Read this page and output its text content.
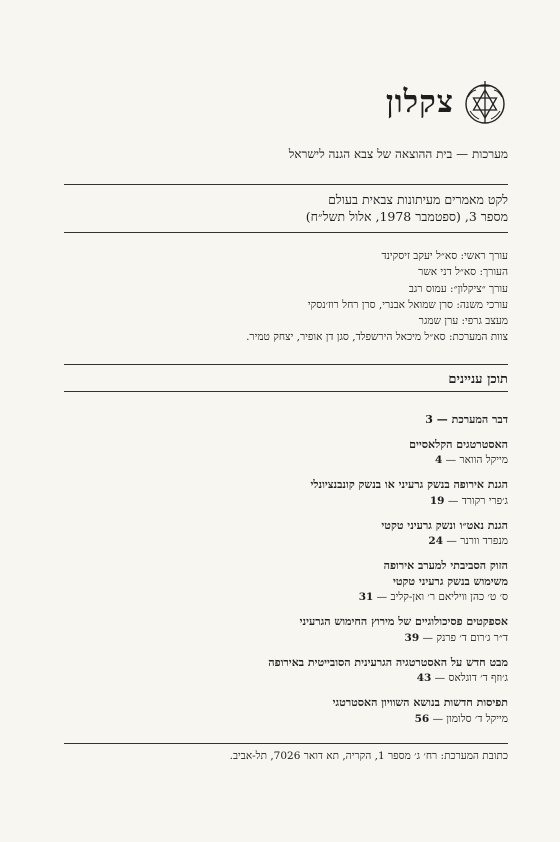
צקלון
מערכות — בית ההוצאה של צבא הגנה לישראל
לקט מאמרים מעיתונות צבאית בעולם
מספר 3, (ספטמבר 1978, אלול תשל״ח)
עורך ראשי: סא״ל יעקב זיסקינד
העורך: סא״ל דני אשר
עורך ״ציקלון״: עמוס רגב
עורכי משנה: סרן שמואל אבנרי, סרן רחל רוז׳נסקי
מעצב גרפי: ערן שמגר
צוות המערכת: סא״ל מיכאל הירשפלד, סגן דן אופיר, יצחק טמיר.
תוכן עניינים
דבר המערכת — 3
האסטרטגים הקלאסיים
מייקל הוואר — 4
הגנת אירופה בנשק גרעיני או בנשק קונבנציונלי
ג׳פרי רקורד — 19
הגנת נאט״ו ונשק גרעיני טקטי
מנפרד וורנר — 24
הזוק הסביבתי למערב אירופה
משימוש בנשק גרעיני טקטי
ס׳ ט׳ כהן וויליאם ר׳ ואן-קליב — 31
אספקטים פסיכולוגיים של מירוץ החימוש הגרעיני
ד״ר ג׳רום ד׳ פרנק — 39
מבט חדש על האסטרטגיה הגרעינית הסובייטית באירופה
ג׳וזף ד׳ דוגלאס — 43
תפיסות חדשות בנושא השוויון האסטרטגי
מייקל ד׳ סלומון — 56
כתובת המערכת: רח׳ ג׳ מספר 1, הקריה, תא דואר 7026, תל-אביב.
